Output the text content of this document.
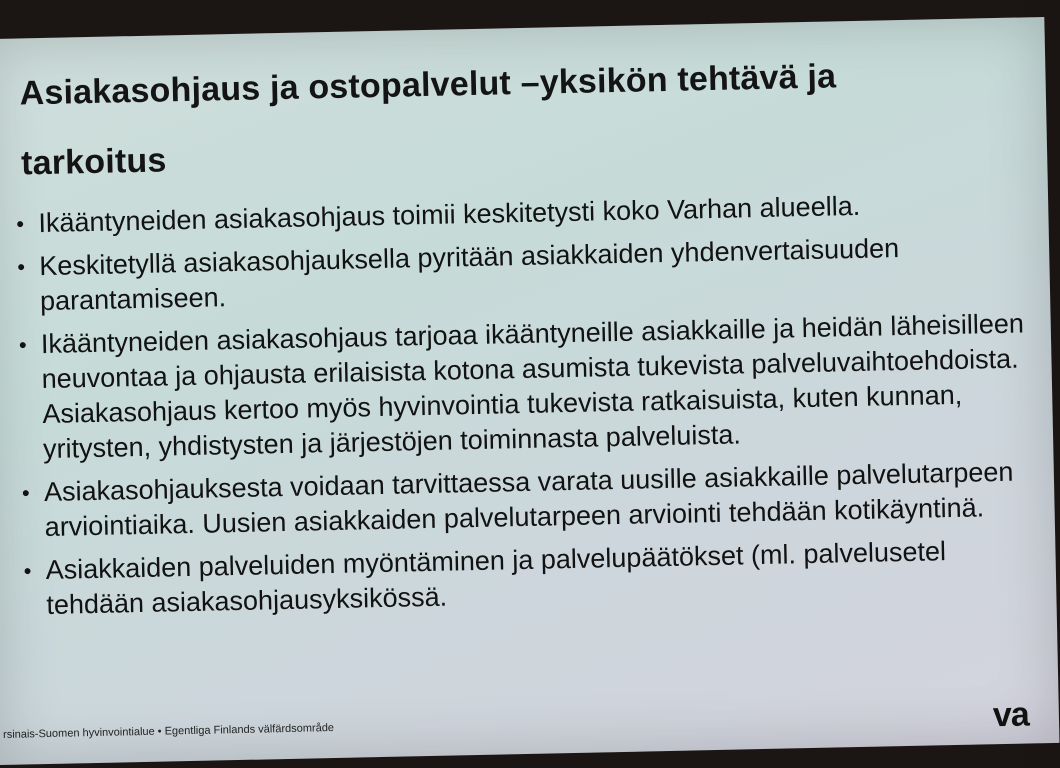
Asiakasohjaus ja ostopalvelut –yksikön tehtävä ja tarkoitus
• Ikääntyneiden asiakasohjaus toimii keskitetysti koko Varhan alueella.
• Keskitetyllä asiakasohjauksella pyritään asiakkaiden yhdenvertaisuuden parantamiseen.
• Ikääntyneiden asiakasohjaus tarjoaa ikääntyneille asiakkaille ja heidän läheisilleen neuvontaa ja ohjausta erilaisista kotona asumista tukevista palveluvaihtoehdoista. Asiakasohjaus kertoo myös hyvinvointia tukevista ratkaisuista, kuten kunnan, yritysten, yhdistysten ja järjestöjen toiminnasta palveluista.
• Asiakasohjauksesta voidaan tarvittaessa varata uusille asiakkaille palvelutarpeen arviointiaika. Uusien asiakkaiden palvelutarpeen arviointi tehdään kotikäyntinä.
• Asiakkaiden palveluiden myöntäminen ja palvelupäätökset (ml. palvelusetel tehdään asiakasohjausyksikössä.
rsinais-Suomen hyvinvointialue • Egentliga Finlands välfärdsområde	va
